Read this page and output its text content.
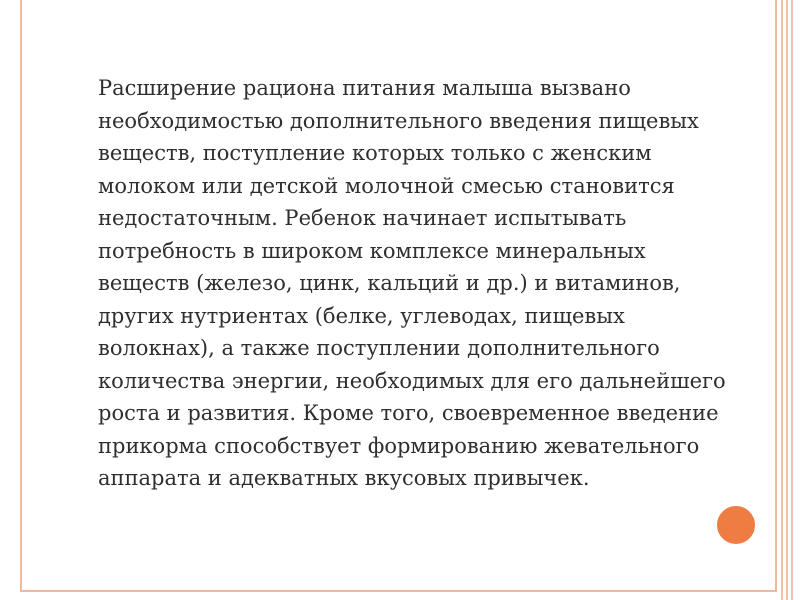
Расширение рациона питания малыша вызвано необходимостью дополнительного введения пищевых веществ, поступление которых только с женским молоком или детской молочной смесью становится недостаточным. Ребенок начинает испытывать потребность в широком комплексе минеральных веществ (железо, цинк, кальций и др.) и витаминов, других нутриентах (белке, углеводах, пищевых волокнах), а также поступлении дополнительного количества энергии, необходимых для его дальнейшего роста и развития. Кроме того, своевременное введение прикорма способствует формированию жевательного аппарата и адекватных вкусовых привычек.
